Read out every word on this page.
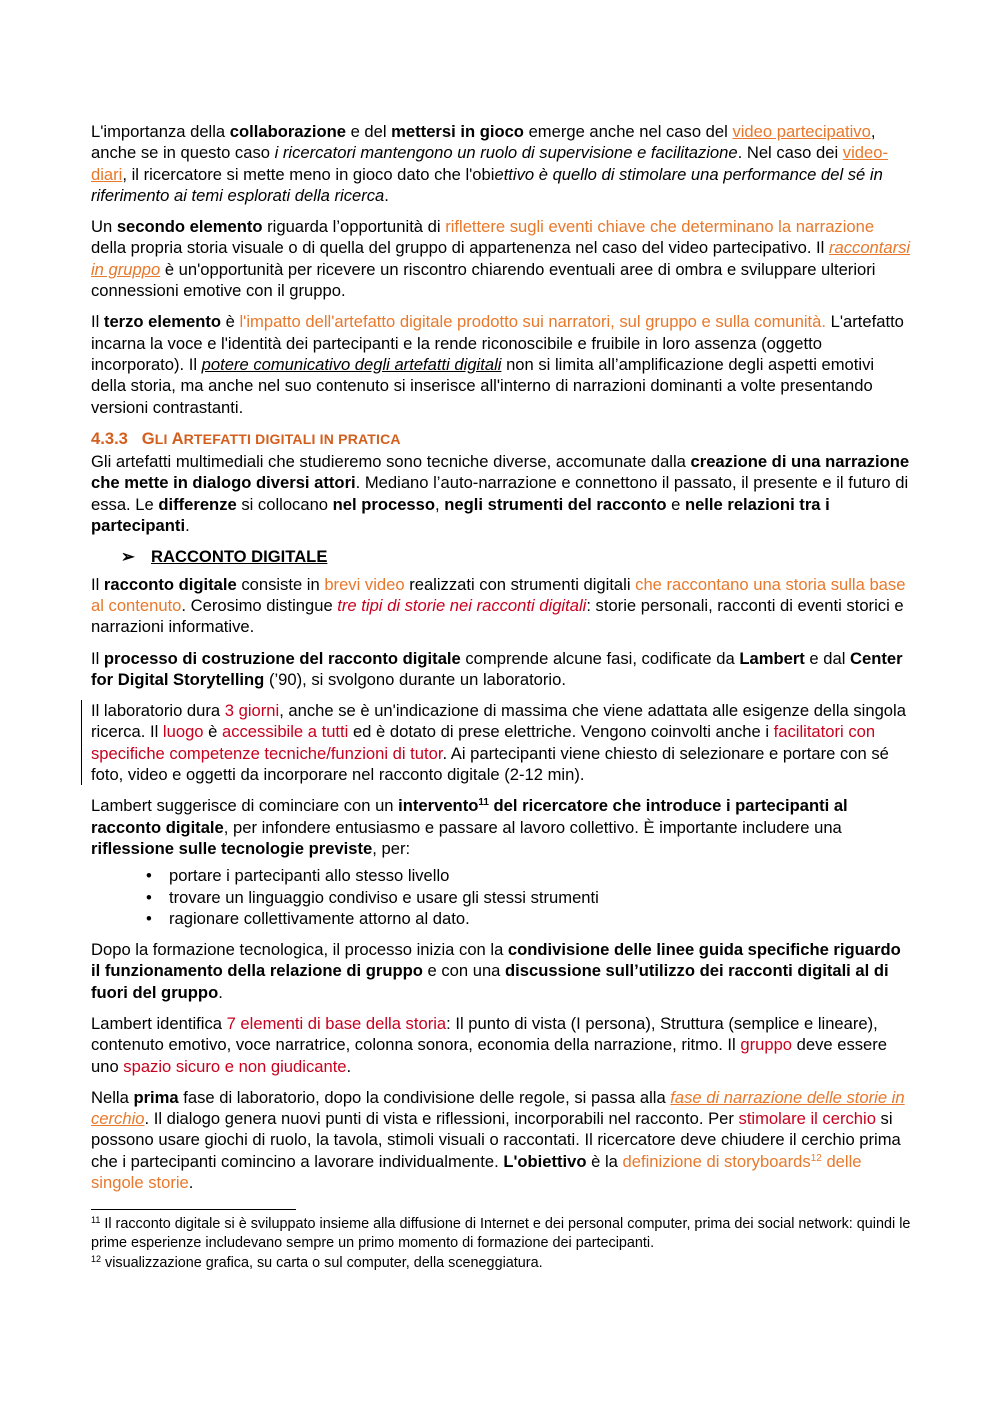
L'importanza della collaborazione e del mettersi in gioco emerge anche nel caso del video partecipativo, anche se in questo caso i ricercatori mantengono un ruolo di supervisione e facilitazione. Nel caso dei video-diari, il ricercatore si mette meno in gioco dato che l'obiettivo è quello di stimolare una performance del sé in riferimento ai temi esplorati della ricerca.

Un secondo elemento riguarda l’opportunità di riflettere sugli eventi chiave che determinano la narrazione della propria storia visuale o di quella del gruppo di appartenenza nel caso del video partecipativo. Il raccontarsi in gruppo è un'opportunità per ricevere un riscontro chiarendo eventuali aree di ombra e sviluppare ulteriori connessioni emotive con il gruppo.

Il terzo elemento è l'impatto dell'artefatto digitale prodotto sui narratori, sul gruppo e sulla comunità. L'artefatto incarna la voce e l'identità dei partecipanti e la rende riconoscibile e fruibile in loro assenza (oggetto incorporato). Il potere comunicativo degli artefatti digitali non si limita all’amplificazione degli aspetti emotivi della storia, ma anche nel suo contenuto si inserisce all'interno di narrazioni dominanti a volte presentando versioni contrastanti.

4.3.3 GLI ARTEFATTI DIGITALI IN PRATICA

Gli artefatti multimediali che studieremo sono tecniche diverse, accomunate dalla creazione di una narrazione che mette in dialogo diversi attori. Mediano l’auto-narrazione e connettono il passato, il presente e il futuro di essa. Le differenze si collocano nel processo, negli strumenti del racconto e nelle relazioni tra i partecipanti.

➢ RACCONTO DIGITALE

Il racconto digitale consiste in brevi video realizzati con strumenti digitali che raccontano una storia sulla base al contenuto. Cerosimo distingue tre tipi di storie nei racconti digitali: storie personali, racconti di eventi storici e narrazioni informative.

Il processo di costruzione del racconto digitale comprende alcune fasi, codificate da Lambert e dal Center for Digital Storytelling (’90), si svolgono durante un laboratorio.

Il laboratorio dura 3 giorni, anche se è un'indicazione di massima che viene adattata alle esigenze della singola ricerca. Il luogo è accessibile a tutti ed è dotato di prese elettriche. Vengono coinvolti anche i facilitatori con specifiche competenze tecniche/funzioni di tutor. Ai partecipanti viene chiesto di selezionare e portare con sé foto, video e oggetti da incorporare nel racconto digitale (2-12 min).

Lambert suggerisce di cominciare con un intervento$^{11}$ del ricercatore che introduce i partecipanti al racconto digitale, per infondere entusiasmo e passare al lavoro collettivo. È importante includere una riflessione sulle tecnologie previste, per:

• portare i partecipanti allo stesso livello
• trovare un linguaggio condiviso e usare gli stessi strumenti
• ragionare collettivamente attorno al dato.

Dopo la formazione tecnologica, il processo inizia con la condivisione delle linee guida specifiche riguardo il funzionamento della relazione di gruppo e con una discussione sull’utilizzo dei racconti digitali al di fuori del gruppo.

Lambert identifica 7 elementi di base della storia: Il punto di vista (I persona), Struttura (semplice e lineare), contenuto emotivo, voce narratrice, colonna sonora, economia della narrazione, ritmo. Il gruppo deve essere uno spazio sicuro e non giudicante.

Nella prima fase di laboratorio, dopo la condivisione delle regole, si passa alla fase di narrazione delle storie in cerchio. Il dialogo genera nuovi punti di vista e riflessioni, incorporabili nel racconto. Per stimolare il cerchio si possono usare giochi di ruolo, la tavola, stimoli visuali o raccontati. Il ricercatore deve chiudere il cerchio prima che i partecipanti comincino a lavorare individualmente. L'obiettivo è la definizione di storyboards$^{12}$ delle singole storie.

$^{11}$ Il racconto digitale si è sviluppato insieme alla diffusione di Internet e dei personal computer, prima dei social network: quindi le prime esperienze includevano sempre un primo momento di formazione dei partecipanti.

$^{12}$ visualizzazione grafica, su carta o sul computer, della sceneggiatura.
